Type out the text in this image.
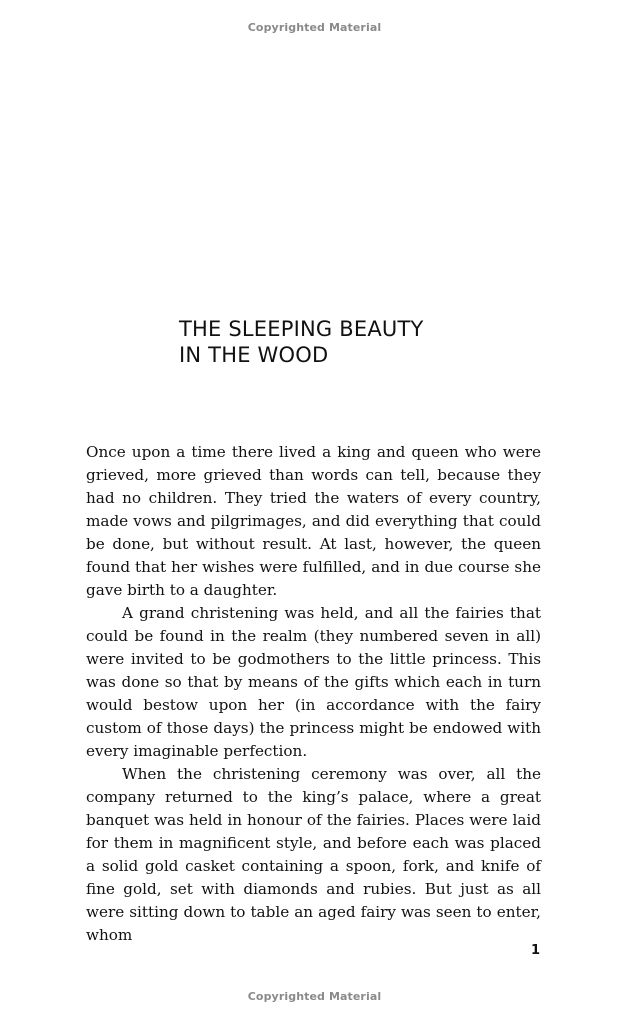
Copyrighted Material
THE SLEEPING BEAUTY
IN THE WOOD

Once upon a time there lived a king and queen who were grieved, more grieved than words can tell, because they had no children. They tried the waters of every country, made vows and pilgrimages, and did everything that could be done, but without result. At last, however, the queen found that her wishes were fulfilled, and in due course she gave birth to a daughter.

A grand christening was held, and all the fairies that could be found in the realm (they numbered seven in all) were invited to be godmothers to the little princess. This was done so that by means of the gifts which each in turn would bestow upon her (in accordance with the fairy custom of those days) the princess might be endowed with every imaginable perfection.

When the christening ceremony was over, all the company returned to the king’s palace, where a great banquet was held in honour of the fairies. Places were laid for them in magnificent style, and before each was placed a solid gold casket containing a spoon, fork, and knife of fine gold, set with diamonds and rubies. But just as all were sitting down to table an aged fairy was seen to enter, whom

1
Copyrighted Material
